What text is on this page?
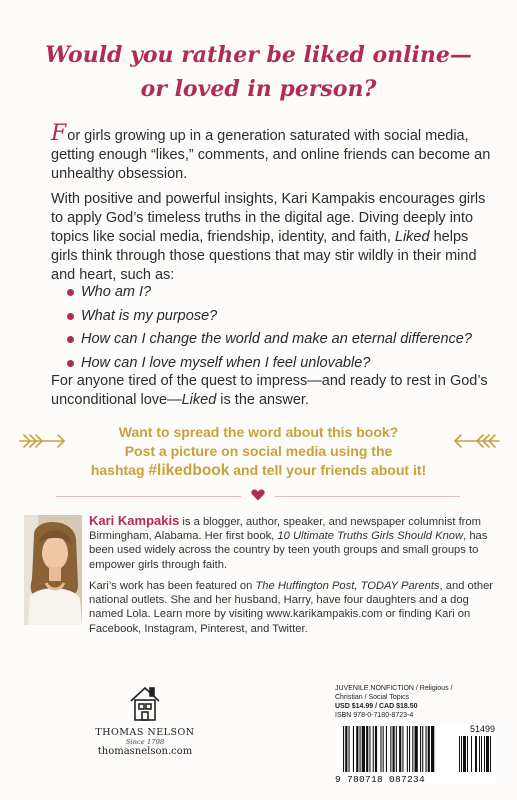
Would you rather be liked online—
or loved in person?

For girls growing up in a generation saturated with social media, getting enough “likes,” comments, and online friends can become an unhealthy obsession.

With positive and powerful insights, Kari Kampakis encourages girls to apply God’s timeless truths in the digital age. Diving deeply into topics like social media, friendship, identity, and faith, Liked helps girls think through those questions that may stir wildly in their mind and heart, such as:

Who am I?
What is my purpose?
How can I change the world and make an eternal difference?
How can I love myself when I feel unlovable?

For anyone tired of the quest to impress—and ready to rest in God’s unconditional love—Liked is the answer.

Want to spread the word about this book?
Post a picture on social media using the
hashtag #likedbook and tell your friends about it!

Kari Kampakis is a blogger, author, speaker, and newspaper columnist from Birmingham, Alabama. Her first book, 10 Ultimate Truths Girls Should Know, has been used widely across the country by teen youth groups and small groups to empower girls through faith.

Kari’s work has been featured on The Huffington Post, TODAY Parents, and other national outlets. She and her husband, Harry, have four daughters and a dog named Lola. Learn more by visiting www.karikampakis.com or finding Kari on Facebook, Instagram, Pinterest, and Twitter.

THOMAS NELSON
Since 1798
thomasnelson.com
JUVENILE NONFICTION / Religious /
Christian / Social Topics
USD $14.99 / CAD $18.50
ISBN 978-0-7180-8723-4
51499
9 780718 087234
